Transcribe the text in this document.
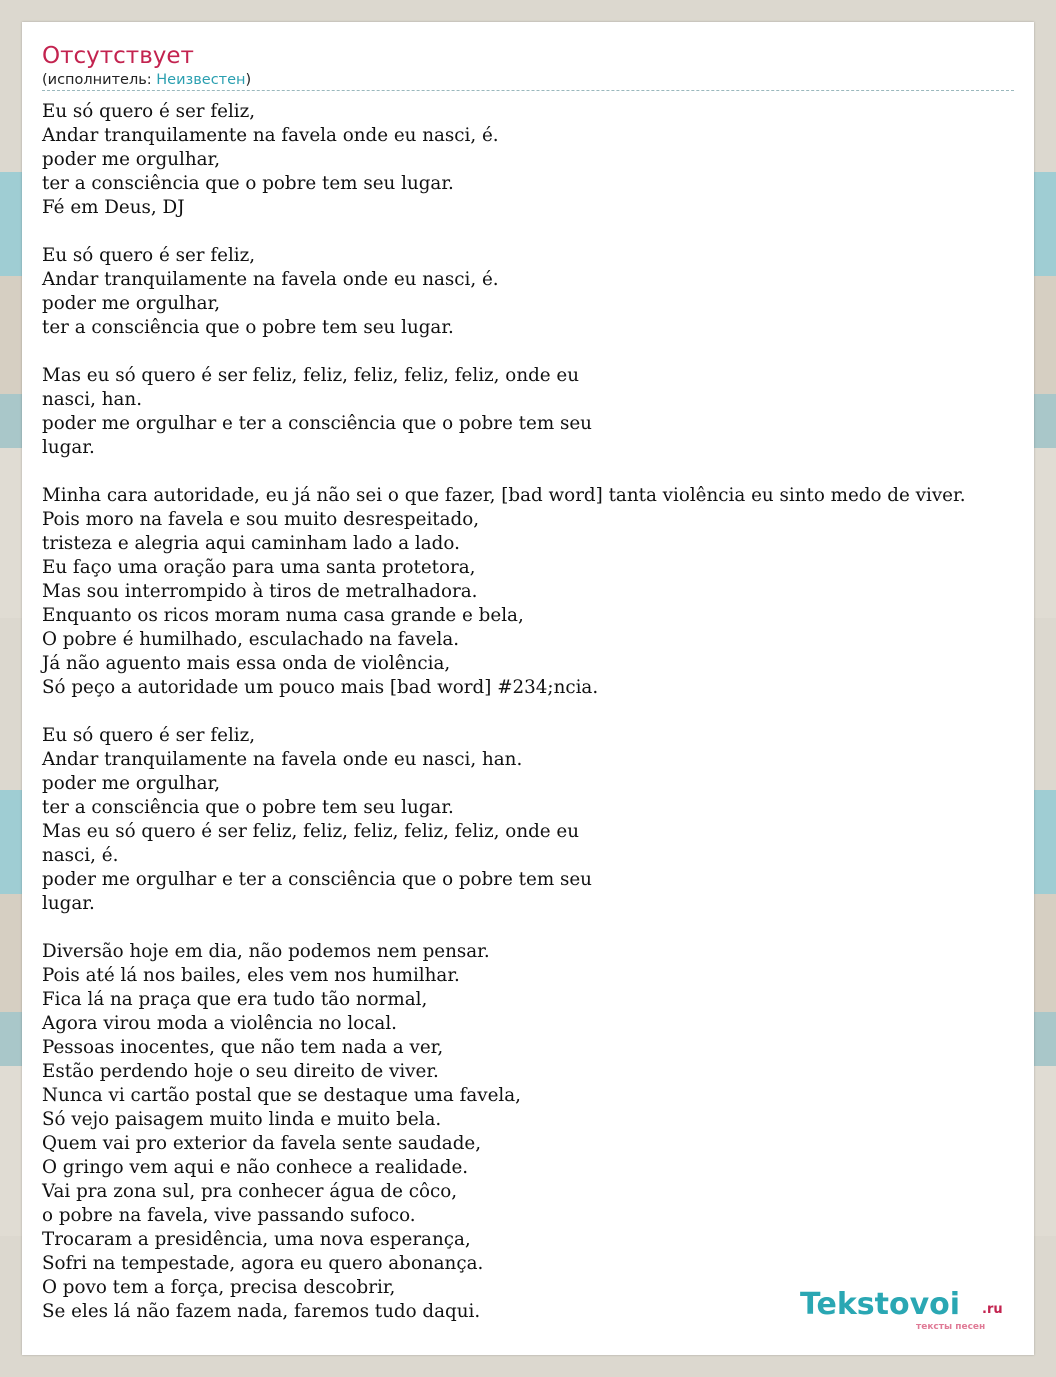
Отсутствует
(исполнитель: Неизвестен)
Eu só quero é ser feliz,
Andar tranquilamente na favela onde eu nasci, é.
poder me orgulhar,
ter a consciência que o pobre tem seu lugar.
Fé em Deus, DJ

Eu só quero é ser feliz,
Andar tranquilamente na favela onde eu nasci, é.
poder me orgulhar,
ter a consciência que o pobre tem seu lugar.

Mas eu só quero é ser feliz, feliz, feliz, feliz, feliz, onde eu
nasci, han.
poder me orgulhar e ter a consciência que o pobre tem seu
lugar.

Minha cara autoridade, eu já não sei o que fazer, [bad word] tanta violência eu sinto medo de viver.
Pois moro na favela e sou muito desrespeitado,
tristeza e alegria aqui caminham lado a lado.
Eu faço uma oração para uma santa protetora,
Mas sou interrompido à tiros de metralhadora.
Enquanto os ricos moram numa casa grande e bela,
O pobre é humilhado, esculachado na favela.
Já não aguento mais essa onda de violência,
Só peço a autoridade um pouco mais [bad word] #234;ncia.

Eu só quero é ser feliz,
Andar tranquilamente na favela onde eu nasci, han.
poder me orgulhar,
ter a consciência que o pobre tem seu lugar.
Mas eu só quero é ser feliz, feliz, feliz, feliz, feliz, onde eu
nasci, é.
poder me orgulhar e ter a consciência que o pobre tem seu
lugar.

Diversão hoje em dia, não podemos nem pensar.
Pois até lá nos bailes, eles vem nos humilhar.
Fica lá na praça que era tudo tão normal,
Agora virou moda a violência no local.
Pessoas inocentes, que não tem nada a ver,
Estão perdendo hoje o seu direito de viver.
Nunca vi cartão postal que se destaque uma favela,
Só vejo paisagem muito linda e muito bela.
Quem vai pro exterior da favela sente saudade,
O gringo vem aqui e não conhece a realidade.
Vai pra zona sul, pra conhecer água de côco,
o pobre na favela, vive passando sufoco.
Trocaram a presidência, uma nova esperança,
Sofri na tempestade, agora eu quero abonança.
O povo tem a força, precisa descobrir,
Se eles lá não fazem nada, faremos tudo daqui.	Tekstovoi .ru
тексты песен
